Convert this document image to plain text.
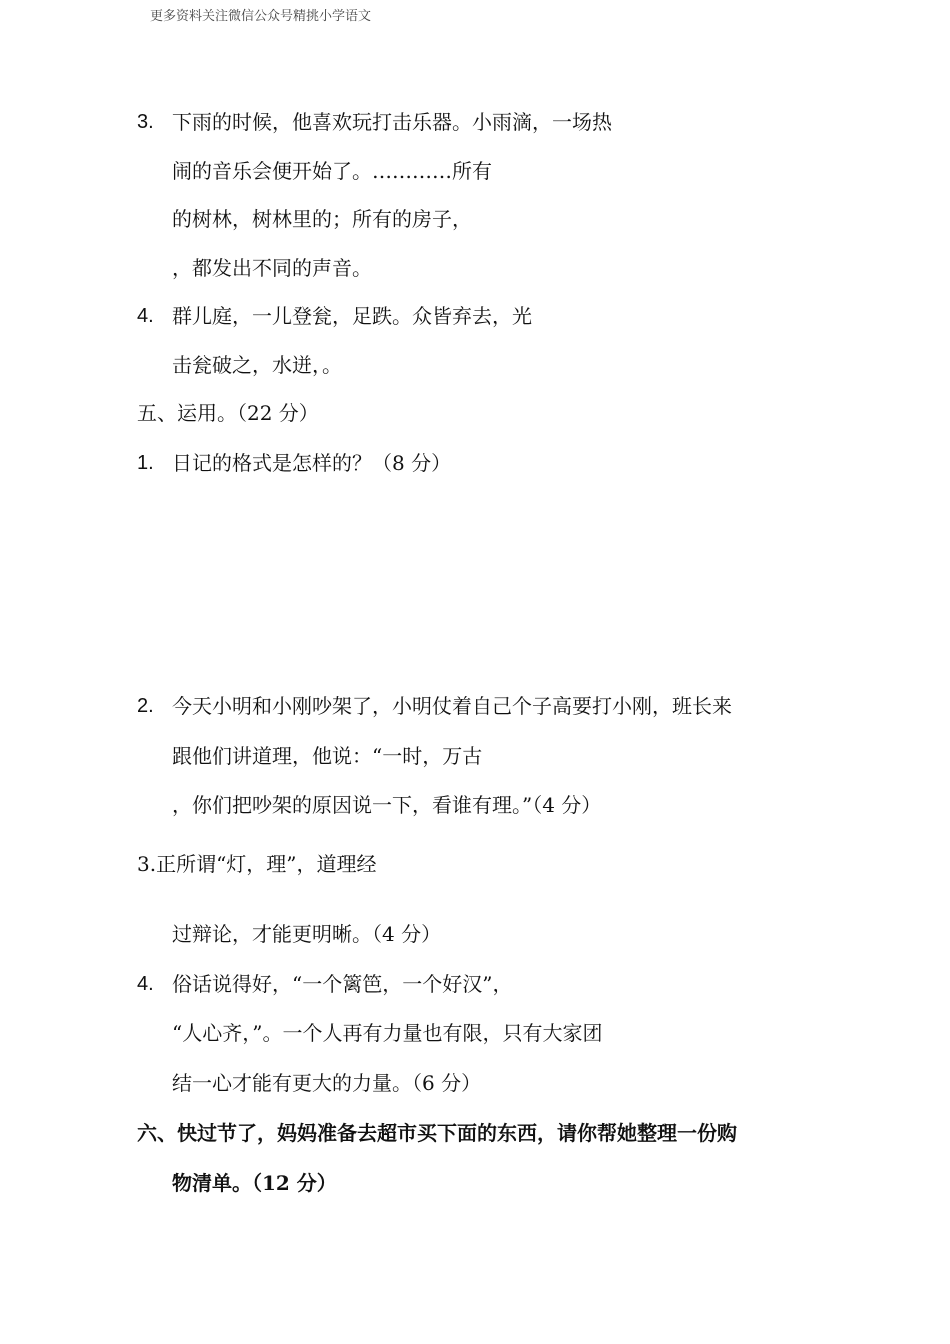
更多资料关注微信公众号精挑小学语文
3. 下雨的时候，他喜欢玩打击乐器。小雨滴，一场热
闹的音乐会便开始了。…………所有
的树林，树林里的；所有的房子，
，都发出不同的声音。
4. 群儿庭，一儿登瓮，足跌。众皆弃去，光
击瓮破之，水迸，。
五、运用。（22 分）
1. 日记的格式是怎样的？（8 分）
2. 今天小明和小刚吵架了，小明仗着自己个子高要打小刚，班长来
跟他们讲道理，他说：“一时，万古
，你们把吵架的原因说一下，看谁有理。”（4 分）
3.正所谓“灯，理”，道理经
过辩论，才能更明晰。（4 分）
4. 俗话说得好，“一个篱笆，一个好汉”，
“人心齐，”。一个人再有力量也有限，只有大家团
结一心才能有更大的力量。（6 分）
六、快过节了，妈妈准备去超市买下面的东西，请你帮她整理一份购
物清单。（12 分）
